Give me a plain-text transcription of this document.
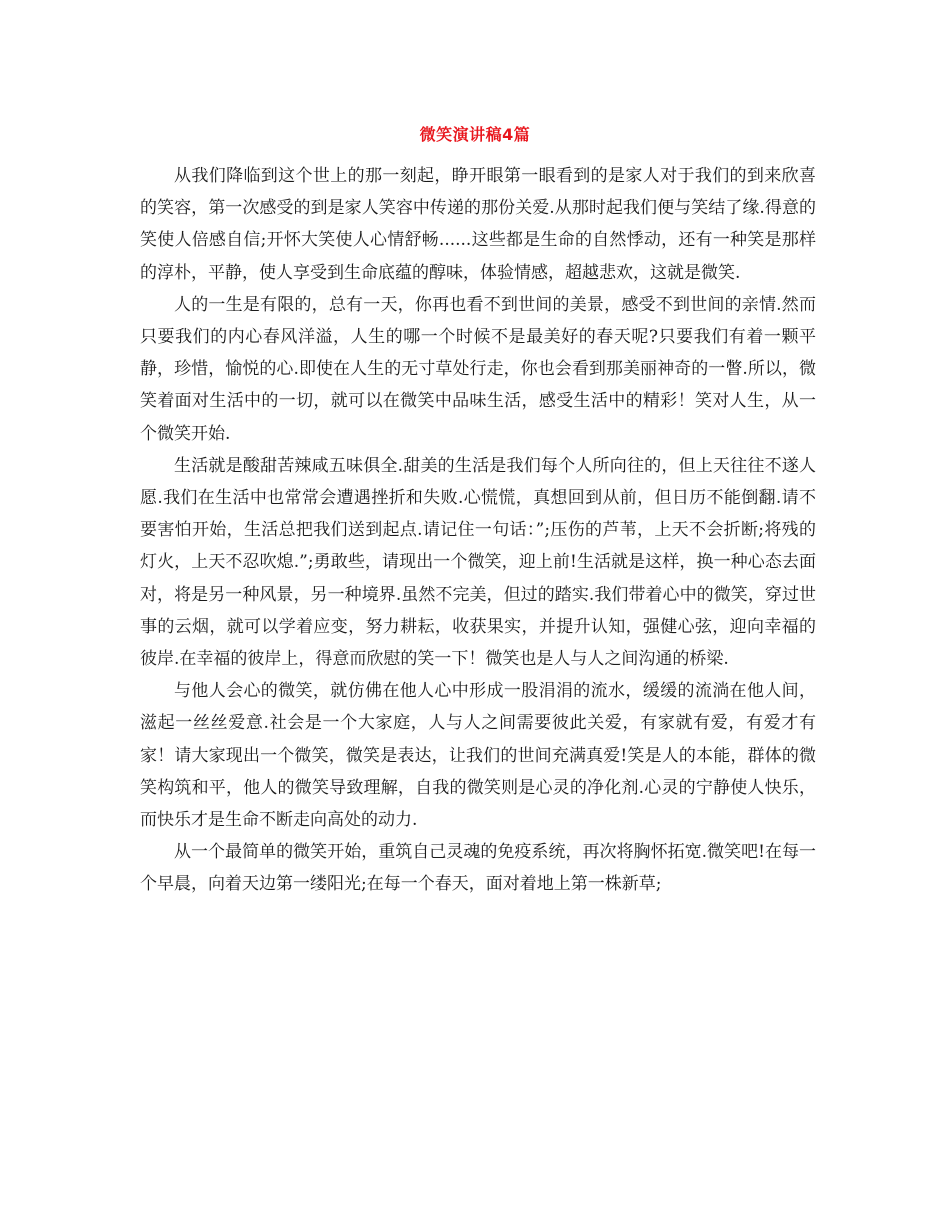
微笑演讲稿4篇

从我们降临到这个世上的那一刻起，睁开眼第一眼看到的是家人对于我们的到来欣喜的笑容，第一次感受的到是家人笑容中传递的那份关爱.从那时起我们便与笑结了缘.得意的笑使人倍感自信;开怀大笑使人心情舒畅......这些都是生命的自然悸动，还有一种笑是那样的淳朴，平静，使人享受到生命底蕴的醇味，体验情感，超越悲欢，这就是微笑.

人的一生是有限的，总有一天，你再也看不到世间的美景，感受不到世间的亲情.然而只要我们的内心春风洋溢，人生的哪一个时候不是最美好的春天呢?只要我们有着一颗平静，珍惜，愉悦的心.即使在人生的无寸草处行走，你也会看到那美丽神奇的一瞥.所以，微笑着面对生活中的一切，就可以在微笑中品味生活，感受生活中的精彩！笑对人生，从一个微笑开始.

生活就是酸甜苦辣咸五味俱全.甜美的生活是我们每个人所向往的，但上天往往不遂人愿.我们在生活中也常常会遭遇挫折和失败.心慌慌，真想回到从前，但日历不能倒翻.请不要害怕开始，生活总把我们送到起点.请记住一句话：”;压伤的芦苇，上天不会折断;将残的灯火，上天不忍吹熄.”;勇敢些，请现出一个微笑，迎上前!生活就是这样，换一种心态去面对，将是另一种风景，另一种境界.虽然不完美，但过的踏实.我们带着心中的微笑，穿过世事的云烟，就可以学着应变，努力耕耘，收获果实，并提升认知，强健心弦，迎向幸福的彼岸.在幸福的彼岸上，得意而欣慰的笑一下！微笑也是人与人之间沟通的桥梁.

与他人会心的微笑，就仿佛在他人心中形成一股涓涓的流水，缓缓的流淌在他人间，滋起一丝丝爱意.社会是一个大家庭，人与人之间需要彼此关爱，有家就有爱，有爱才有家！请大家现出一个微笑，微笑是表达，让我们的世间充满真爱!笑是人的本能，群体的微笑构筑和平，他人的微笑导致理解，自我的微笑则是心灵的净化剂.心灵的宁静使人快乐，而快乐才是生命不断走向高处的动力.

从一个最简单的微笑开始，重筑自己灵魂的免疫系统，再次将胸怀拓宽.微笑吧!在每一个早晨，向着天边第一缕阳光;在每一个春天，面对着地上第一株新草;
